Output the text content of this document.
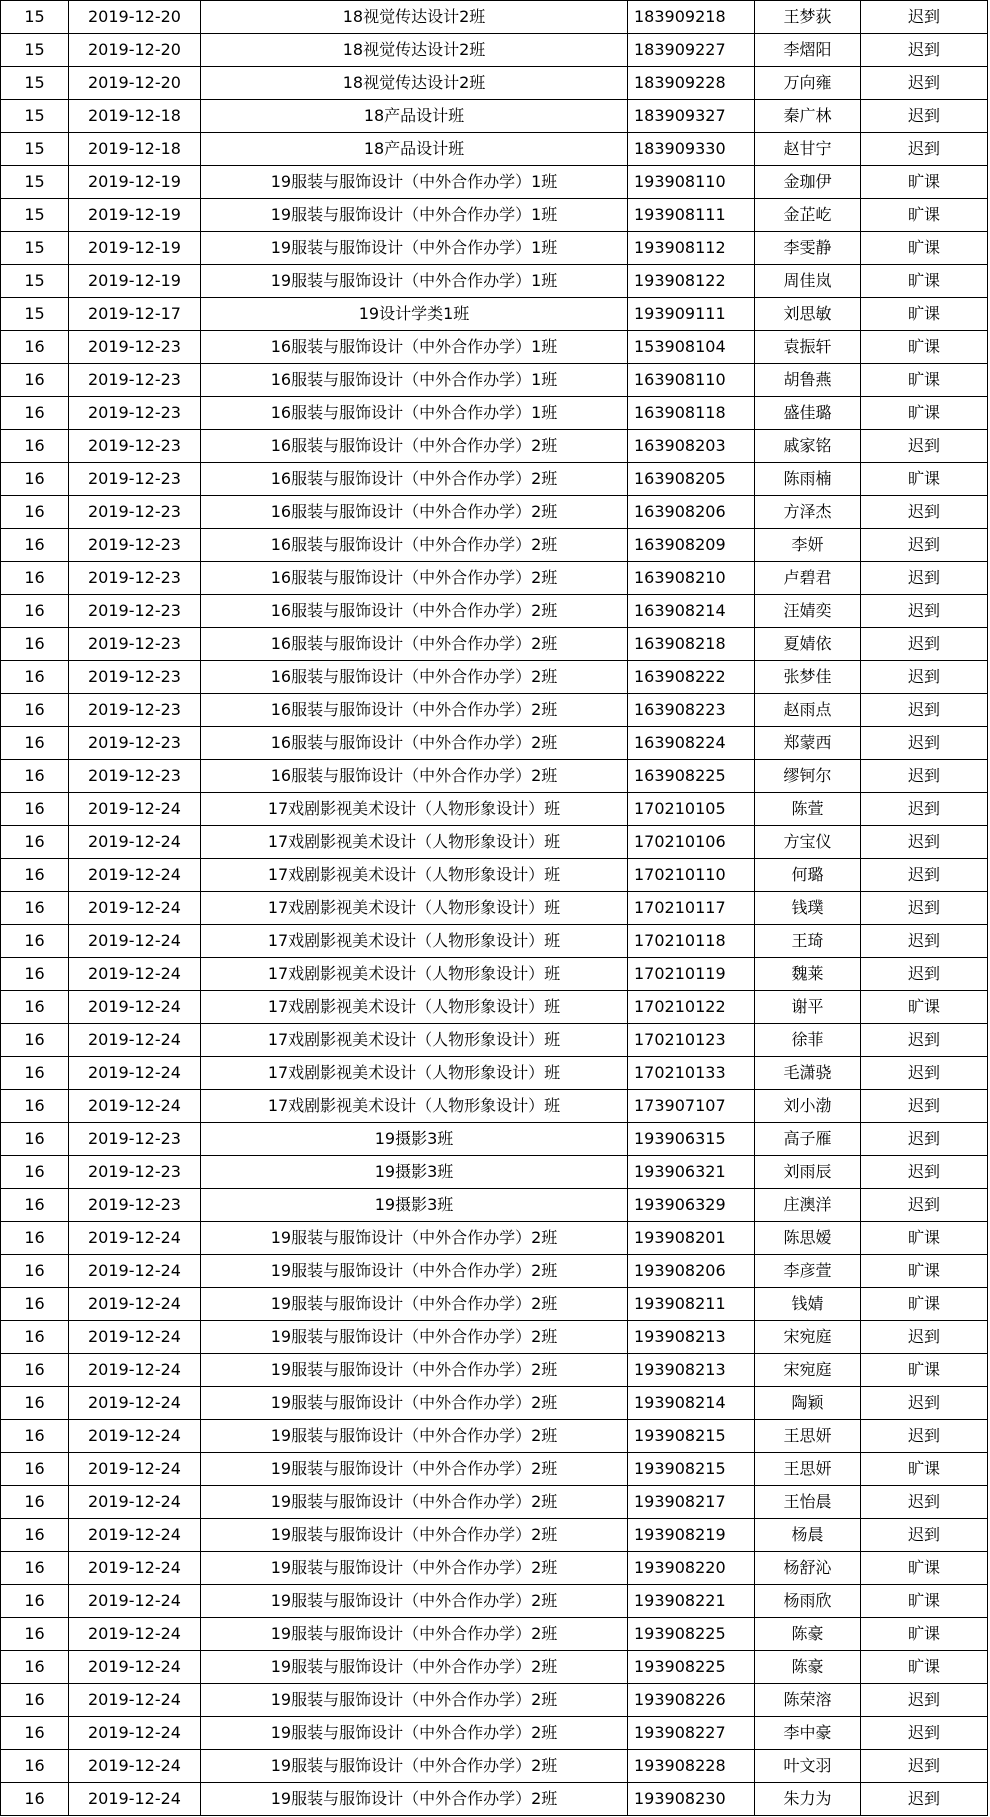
15	2019-12-20	18视觉传达设计2班	183909218	王梦荻	迟到
15	2019-12-20	18视觉传达设计2班	183909227	李熠阳	迟到
15	2019-12-20	18视觉传达设计2班	183909228	万向雍	迟到
15	2019-12-18	18产品设计班	183909327	秦广林	迟到
15	2019-12-18	18产品设计班	183909330	赵甘宁	迟到
15	2019-12-19	19服装与服饰设计（中外合作办学）1班	193908110	金珈伊	旷课
15	2019-12-19	19服装与服饰设计（中外合作办学）1班	193908111	金芷屹	旷课
15	2019-12-19	19服装与服饰设计（中外合作办学）1班	193908112	李雯静	旷课
15	2019-12-19	19服装与服饰设计（中外合作办学）1班	193908122	周佳岚	旷课
15	2019-12-17	19设计学类1班	193909111	刘思敏	旷课
16	2019-12-23	16服装与服饰设计（中外合作办学）1班	153908104	袁振轩	旷课
16	2019-12-23	16服装与服饰设计（中外合作办学）1班	163908110	胡鲁燕	旷课
16	2019-12-23	16服装与服饰设计（中外合作办学）1班	163908118	盛佳璐	旷课
16	2019-12-23	16服装与服饰设计（中外合作办学）2班	163908203	戚家铭	迟到
16	2019-12-23	16服装与服饰设计（中外合作办学）2班	163908205	陈雨楠	旷课
16	2019-12-23	16服装与服饰设计（中外合作办学）2班	163908206	方泽杰	迟到
16	2019-12-23	16服装与服饰设计（中外合作办学）2班	163908209	李妍	迟到
16	2019-12-23	16服装与服饰设计（中外合作办学）2班	163908210	卢碧君	迟到
16	2019-12-23	16服装与服饰设计（中外合作办学）2班	163908214	汪婧奕	迟到
16	2019-12-23	16服装与服饰设计（中外合作办学）2班	163908218	夏婧依	迟到
16	2019-12-23	16服装与服饰设计（中外合作办学）2班	163908222	张梦佳	迟到
16	2019-12-23	16服装与服饰设计（中外合作办学）2班	163908223	赵雨点	迟到
16	2019-12-23	16服装与服饰设计（中外合作办学）2班	163908224	郑蒙西	迟到
16	2019-12-23	16服装与服饰设计（中外合作办学）2班	163908225	缪钶尔	迟到
16	2019-12-24	17戏剧影视美术设计（人物形象设计）班	170210105	陈萱	迟到
16	2019-12-24	17戏剧影视美术设计（人物形象设计）班	170210106	方宝仪	迟到
16	2019-12-24	17戏剧影视美术设计（人物形象设计）班	170210110	何璐	迟到
16	2019-12-24	17戏剧影视美术设计（人物形象设计）班	170210117	钱璞	迟到
16	2019-12-24	17戏剧影视美术设计（人物形象设计）班	170210118	王琦	迟到
16	2019-12-24	17戏剧影视美术设计（人物形象设计）班	170210119	魏莱	迟到
16	2019-12-24	17戏剧影视美术设计（人物形象设计）班	170210122	谢平	旷课
16	2019-12-24	17戏剧影视美术设计（人物形象设计）班	170210123	徐菲	迟到
16	2019-12-24	17戏剧影视美术设计（人物形象设计）班	170210133	毛潇骁	迟到
16	2019-12-24	17戏剧影视美术设计（人物形象设计）班	173907107	刘小渤	迟到
16	2019-12-23	19摄影3班	193906315	高子雁	迟到
16	2019-12-23	19摄影3班	193906321	刘雨辰	迟到
16	2019-12-23	19摄影3班	193906329	庄澳洋	迟到
16	2019-12-24	19服装与服饰设计（中外合作办学）2班	193908201	陈思嫒	旷课
16	2019-12-24	19服装与服饰设计（中外合作办学）2班	193908206	李彦萱	旷课
16	2019-12-24	19服装与服饰设计（中外合作办学）2班	193908211	钱婧	旷课
16	2019-12-24	19服装与服饰设计（中外合作办学）2班	193908213	宋宛庭	迟到
16	2019-12-24	19服装与服饰设计（中外合作办学）2班	193908213	宋宛庭	旷课
16	2019-12-24	19服装与服饰设计（中外合作办学）2班	193908214	陶颖	迟到
16	2019-12-24	19服装与服饰设计（中外合作办学）2班	193908215	王思妍	迟到
16	2019-12-24	19服装与服饰设计（中外合作办学）2班	193908215	王思妍	旷课
16	2019-12-24	19服装与服饰设计（中外合作办学）2班	193908217	王怡晨	迟到
16	2019-12-24	19服装与服饰设计（中外合作办学）2班	193908219	杨晨	迟到
16	2019-12-24	19服装与服饰设计（中外合作办学）2班	193908220	杨舒沁	旷课
16	2019-12-24	19服装与服饰设计（中外合作办学）2班	193908221	杨雨欣	旷课
16	2019-12-24	19服装与服饰设计（中外合作办学）2班	193908225	陈豪	旷课
16	2019-12-24	19服装与服饰设计（中外合作办学）2班	193908225	陈豪	旷课
16	2019-12-24	19服装与服饰设计（中外合作办学）2班	193908226	陈荣溶	迟到
16	2019-12-24	19服装与服饰设计（中外合作办学）2班	193908227	李中豪	迟到
16	2019-12-24	19服装与服饰设计（中外合作办学）2班	193908228	叶文羽	迟到
16	2019-12-24	19服装与服饰设计（中外合作办学）2班	193908230	朱力为	迟到
